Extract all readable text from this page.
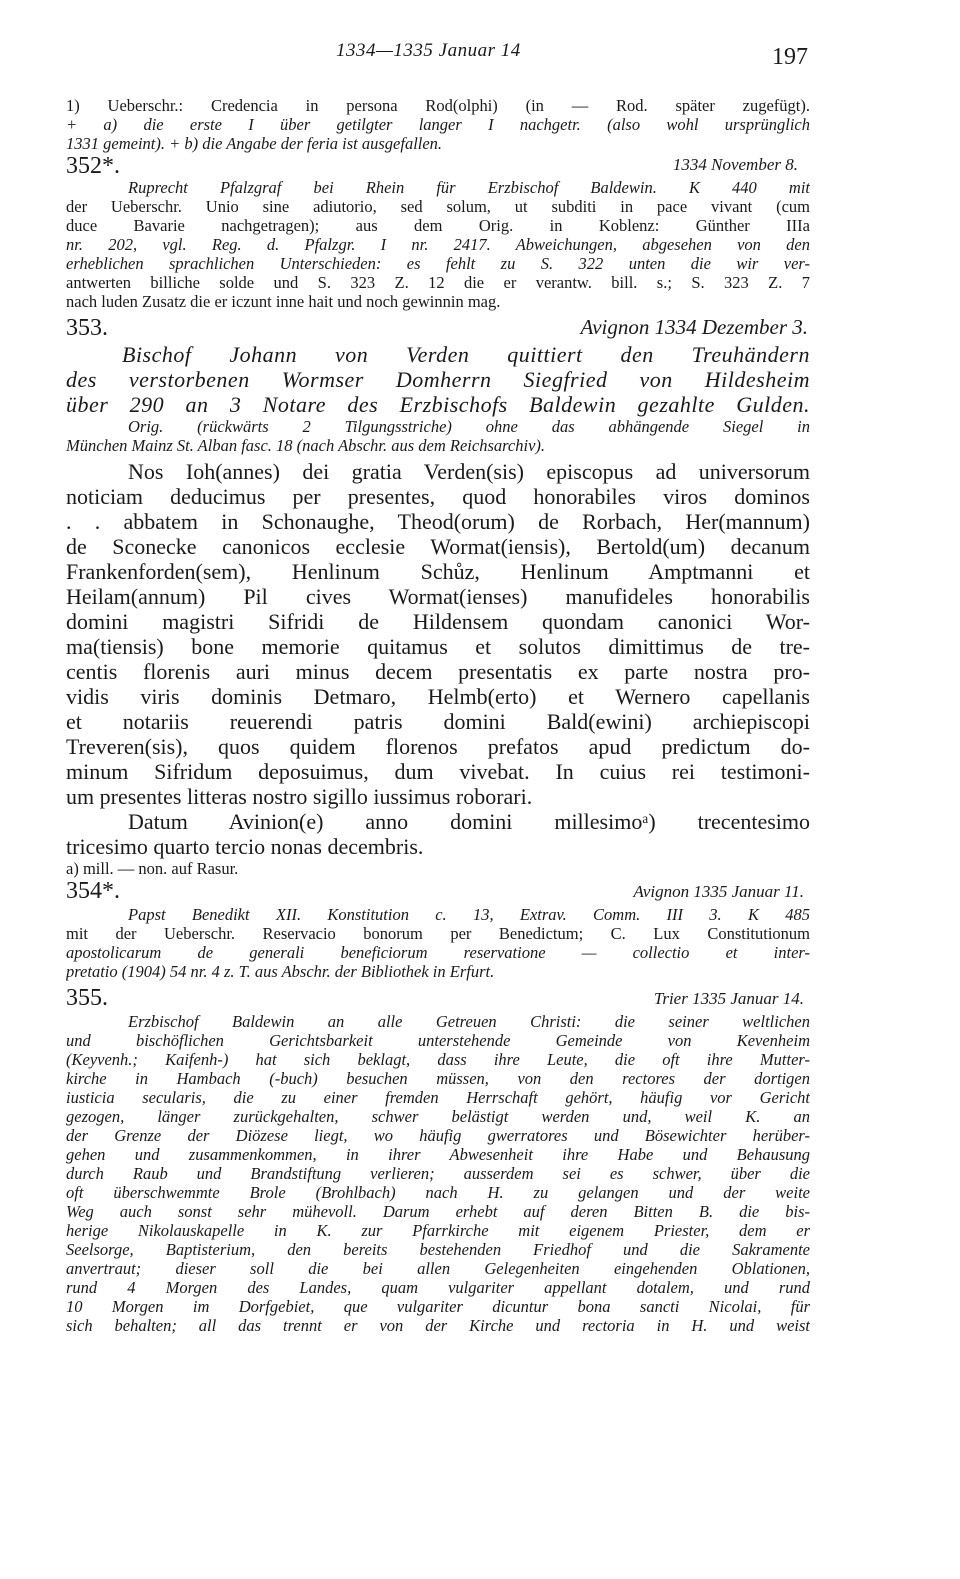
1334—1335 Januar 14	197
1) Ueberschr.: Credencia in persona Rod(olphi) (in — Rod. später zugefügt).
+ a) die erste I über getilgter langer I nachgetr. (also wohl ursprünglich
1331 gemeint). + b) die Angabe der feria ist ausgefallen.
352*.	1334 November 8.
Ruprecht Pfalzgraf bei Rhein für Erzbischof Baldewin. K 440 mit
der Ueberschr. Unio sine adiutorio, sed solum, ut subditi in pace vivant (cum
duce Bavarie nachgetragen); aus dem Orig. in Koblenz: Günther IIIa
nr. 202, vgl. Reg. d. Pfalzgr. I nr. 2417. Abweichungen, abgesehen von den
erheblichen sprachlichen Unterschieden: es fehlt zu S. 322 unten die wir ver-
antwerten billiche solde und S. 323 Z. 12 die er verantw. bill. s.; S. 323 Z. 7
nach luden Zusatz die er iczunt inne hait und noch gewinnin mag.
353.	Avignon 1334 Dezember 3.
Bischof Johann von Verden quittiert den Treuhändern
des verstorbenen Wormser Domherrn Siegfried von Hildesheim
über 290 an 3 Notare des Erzbischofs Baldewin gezahlte Gulden.
Orig. (rückwärts 2 Tilgungsstriche) ohne das abhängende Siegel in
München Mainz St. Alban fasc. 18 (nach Abschr. aus dem Reichsarchiv).
Nos Ioh(annes) dei gratia Verden(sis) episcopus ad universorum
noticiam deducimus per presentes, quod honorabiles viros dominos
. . abbatem in Schonaughe, Theod(orum) de Rorbach, Her(mannum)
de Sconecke canonicos ecclesie Wormat(iensis), Bertold(um) decanum
Frankenforden(sem), Henlinum Schůz, Henlinum Amptmanni et
Heilam(annum) Pil cives Wormat(ienses) manufideles honorabilis
domini magistri Sifridi de Hildensem quondam canonici Wor-
ma(tiensis) bone memorie quitamus et solutos dimittimus de tre-
centis florenis auri minus decem presentatis ex parte nostra pro-
vidis viris dominis Detmaro, Helmb(erto) et Wernero capellanis
et notariis reuerendi patris domini Bald(ewini) archiepiscopi
Treveren(sis), quos quidem florenos prefatos apud predictum do-
minum Sifridum deposuimus, dum vivebat. In cuius rei testimoni-
um presentes litteras nostro sigillo iussimus roborari.
Datum Avinion(e) anno domini millesimoᵃ) trecentesimo
tricesimo quarto tercio nonas decembris.
a) mill. — non. auf Rasur.
354*.	Avignon 1335 Januar 11.
Papst Benedikt XII. Konstitution c. 13, Extrav. Comm. III 3. K 485
mit der Ueberschr. Reservacio bonorum per Benedictum; C. Lux Constitutionum
apostolicarum de generali beneficiorum reservatione — collectio et inter-
pretatio (1904) 54 nr. 4 z. T. aus Abschr. der Bibliothek in Erfurt.
355.	Trier 1335 Januar 14.
Erzbischof Baldewin an alle Getreuen Christi: die seiner weltlichen
und bischöflichen Gerichtsbarkeit unterstehende Gemeinde von Kevenheim
(Keyvenh.; Kaifenh-) hat sich beklagt, dass ihre Leute, die oft ihre Mutter-
kirche in Hambach (-buch) besuchen müssen, von den rectores der dortigen
iusticia secularis, die zu einer fremden Herrschaft gehört, häufig vor Gericht
gezogen, länger zurückgehalten, schwer belästigt werden und, weil K. an
der Grenze der Diözese liegt, wo häufig gwerratores und Bösewichter herüber-
gehen und zusammenkommen, in ihrer Abwesenheit ihre Habe und Behausung
durch Raub und Brandstiftung verlieren; ausserdem sei es schwer, über die
oft überschwemmte Brole (Brohlbach) nach H. zu gelangen und der weite
Weg auch sonst sehr mühevoll. Darum erhebt auf deren Bitten B. die bis-
herige Nikolauskapelle in K. zur Pfarrkirche mit eigenem Priester, dem er
Seelsorge, Baptisterium, den bereits bestehenden Friedhof und die Sakramente
anvertraut; dieser soll die bei allen Gelegenheiten eingehenden Oblationen,
rund 4 Morgen des Landes, quam vulgariter appellant dotalem, und rund
10 Morgen im Dorfgebiet, que vulgariter dicuntur bona sancti Nicolai, für
sich behalten; all das trennt er von der Kirche und rectoria in H. und weist
